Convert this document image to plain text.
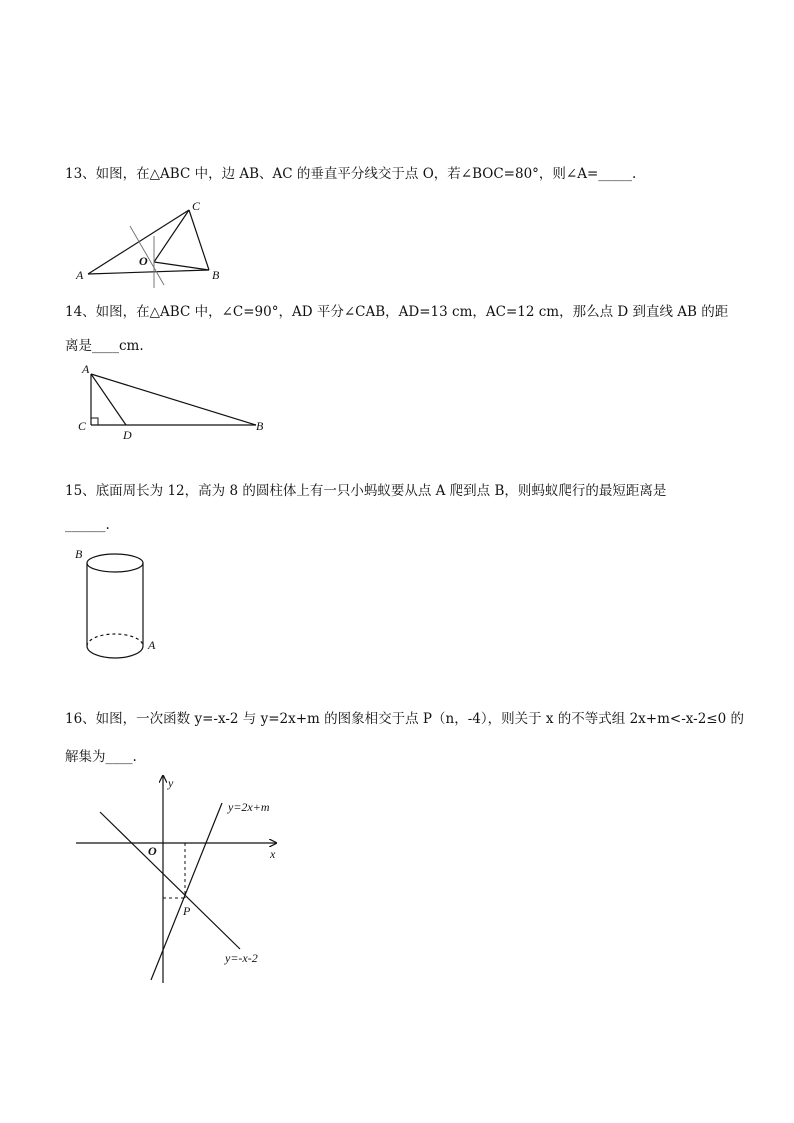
13、如图，在△ABC 中，边 AB、AC 的垂直平分线交于点 O，若∠BOC=80°，则∠A=_____.
A	B
C
O
14、如图，在△ABC 中，∠C=90°，AD 平分∠CAB，AD=13 cm，AC=12 cm，那么点 D 到直线 AB 的距
离是____cm.
A
C
D
B
15、底面周长为 12，高为 8 的圆柱体上有一只小蚂蚁要从点 A 爬到点 B，则蚂蚁爬行的最短距离是
______.
B
A
16、如图，一次函数 y=-x-2 与 y=2x+m 的图象相交于点 P（n，-4），则关于 x 的不等式组 2x+m<-x-2≤0 的
解集为____.
y
x
O
P
y=2x+m
y=-x-2
